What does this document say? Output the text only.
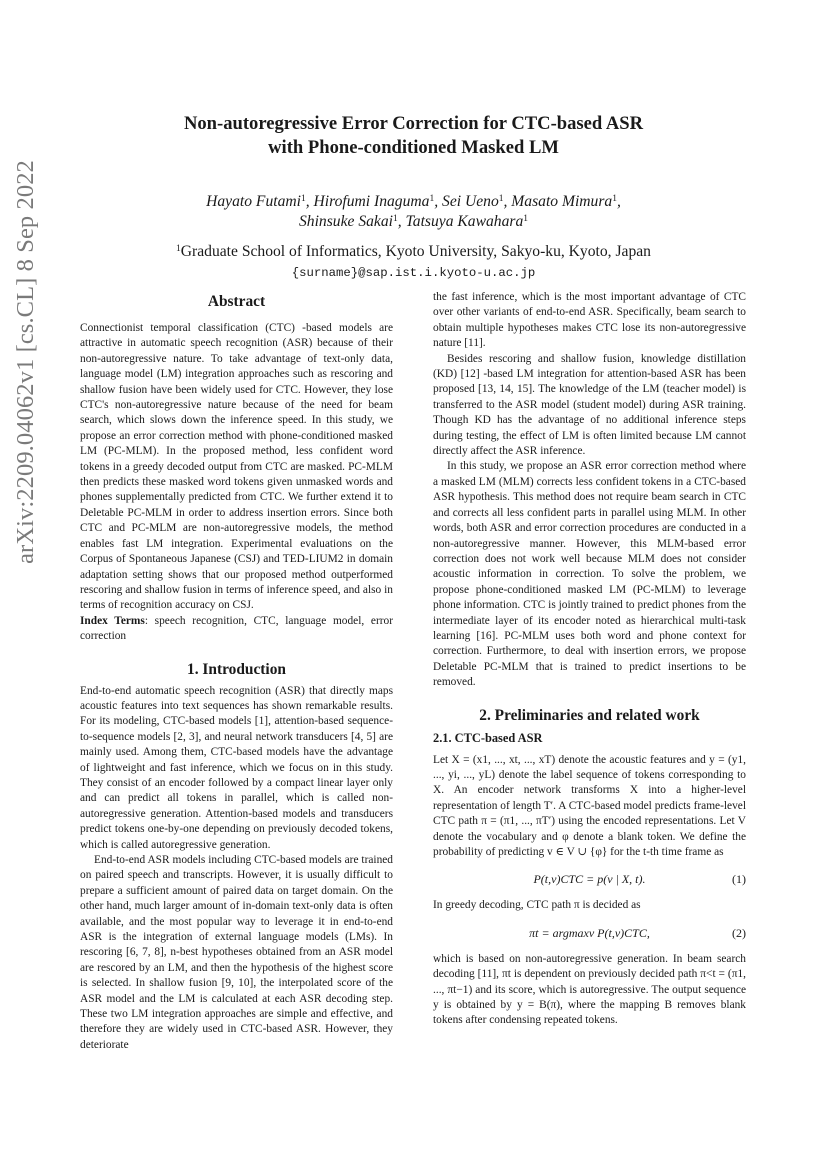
arXiv:2209.04062v1 [cs.CL] 8 Sep 2022
Non-autoregressive Error Correction for CTC-based ASR
with Phone-conditioned Masked LM
Hayato Futami$^1$, Hirofumi Inaguma$^1$, Sei Ueno$^1$, Masato Mimura$^1$,
Shinsuke Sakai$^1$, Tatsuya Kawahara$^1$
$^1$Graduate School of Informatics, Kyoto University, Sakyo-ku, Kyoto, Japan
{surname}@sap.ist.i.kyoto-u.ac.jp
Abstract

Connectionist temporal classification (CTC) -based models are attractive in automatic speech recognition (ASR) because of their non-autoregressive nature. To take advantage of text-only data, language model (LM) integration approaches such as rescoring and shallow fusion have been widely used for CTC. However, they lose CTC's non-autoregressive nature because of the need for beam search, which slows down the inference speed. In this study, we propose an error correction method with phone-conditioned masked LM (PC-MLM). In the proposed method, less confident word tokens in a greedy decoded output from CTC are masked. PC-MLM then predicts these masked word tokens given unmasked words and phones supplementally predicted from CTC. We further extend it to Deletable PC-MLM in order to address insertion errors. Since both CTC and PC-MLM are non-autoregressive models, the method enables fast LM integration. Experimental evaluations on the Corpus of Spontaneous Japanese (CSJ) and TED-LIUM2 in domain adaptation setting shows that our proposed method outperformed rescoring and shallow fusion in terms of inference speed, and also in terms of recognition accuracy on CSJ.

Index Terms: speech recognition, CTC, language model, error correction

1. Introduction

End-to-end automatic speech recognition (ASR) that directly maps acoustic features into text sequences has shown remarkable results. For its modeling, CTC-based models [1], attention-based sequence-to-sequence models [2, 3], and neural network transducers [4, 5] are mainly used. Among them, CTC-based models have the advantage of lightweight and fast inference, which we focus on in this study. They consist of an encoder followed by a compact linear layer only and can predict all tokens in parallel, which is called non-autoregressive generation. Attention-based models and transducers predict tokens one-by-one depending on previously decoded tokens, which is called autoregressive generation.

End-to-end ASR models including CTC-based models are trained on paired speech and transcripts. However, it is usually difficult to prepare a sufficient amount of paired data on target domain. On the other hand, much larger amount of in-domain text-only data is often available, and the most popular way to leverage it in end-to-end ASR is the integration of external language models (LMs). In rescoring [6, 7, 8], n-best hypotheses obtained from an ASR model are rescored by an LM, and then the hypothesis of the highest score is selected. In shallow fusion [9, 10], the interpolated score of the ASR model and the LM is calculated at each ASR decoding step. These two LM integration approaches are simple and effective, and therefore they are widely used in CTC-based ASR. However, they deteriorate

the fast inference, which is the most important advantage of CTC over other variants of end-to-end ASR. Specifically, beam search to obtain multiple hypotheses makes CTC lose its non-autoregressive nature [11].

Besides rescoring and shallow fusion, knowledge distillation (KD) [12] -based LM integration for attention-based ASR has been proposed [13, 14, 15]. The knowledge of the LM (teacher model) is transferred to the ASR model (student model) during ASR training. Though KD has the advantage of no additional inference steps during testing, the effect of LM is often limited because LM cannot directly affect the ASR inference.

In this study, we propose an ASR error correction method where a masked LM (MLM) corrects less confident tokens in a CTC-based ASR hypothesis. This method does not require beam search in CTC and corrects all less confident parts in parallel using MLM. In other words, both ASR and error correction procedures are conducted in a non-autoregressive manner. However, this MLM-based error correction does not work well because MLM does not consider acoustic information in correction. To solve the problem, we propose phone-conditioned masked LM (PC-MLM) to leverage phone information. CTC is jointly trained to predict phones from the intermediate layer of its encoder noted as hierarchical multi-task learning [16]. PC-MLM uses both word and phone context for correction. Furthermore, to deal with insertion errors, we propose Deletable PC-MLM that is trained to predict insertions to be removed.

2. Preliminaries and related work
2.1. CTC-based ASR

Let X = (x1, ..., xt, ..., xT) denote the acoustic features and y = (y1, ..., yi, ..., yL) denote the label sequence of tokens corresponding to X. An encoder network transforms X into a higher-level representation of length T′. A CTC-based model predicts frame-level CTC path π = (π1, ..., πT′) using the encoded representations. Let V denote the vocabulary and φ denote a blank token. We define the probability of predicting v ∈ V ∪ {φ} for the t-th time frame as

P(t,v)CTC = p(v | X, t).	(1)

In greedy decoding, CTC path π is decided as

πt = argmaxv P(t,v)CTC,	(2)

which is based on non-autoregressive generation. In beam search decoding [11], πt is dependent on previously decided path π<t = (π1, ..., πt−1) and its score, which is autoregressive. The output sequence y is obtained by y = B(π), where the mapping B removes blank tokens after condensing repeated tokens.
